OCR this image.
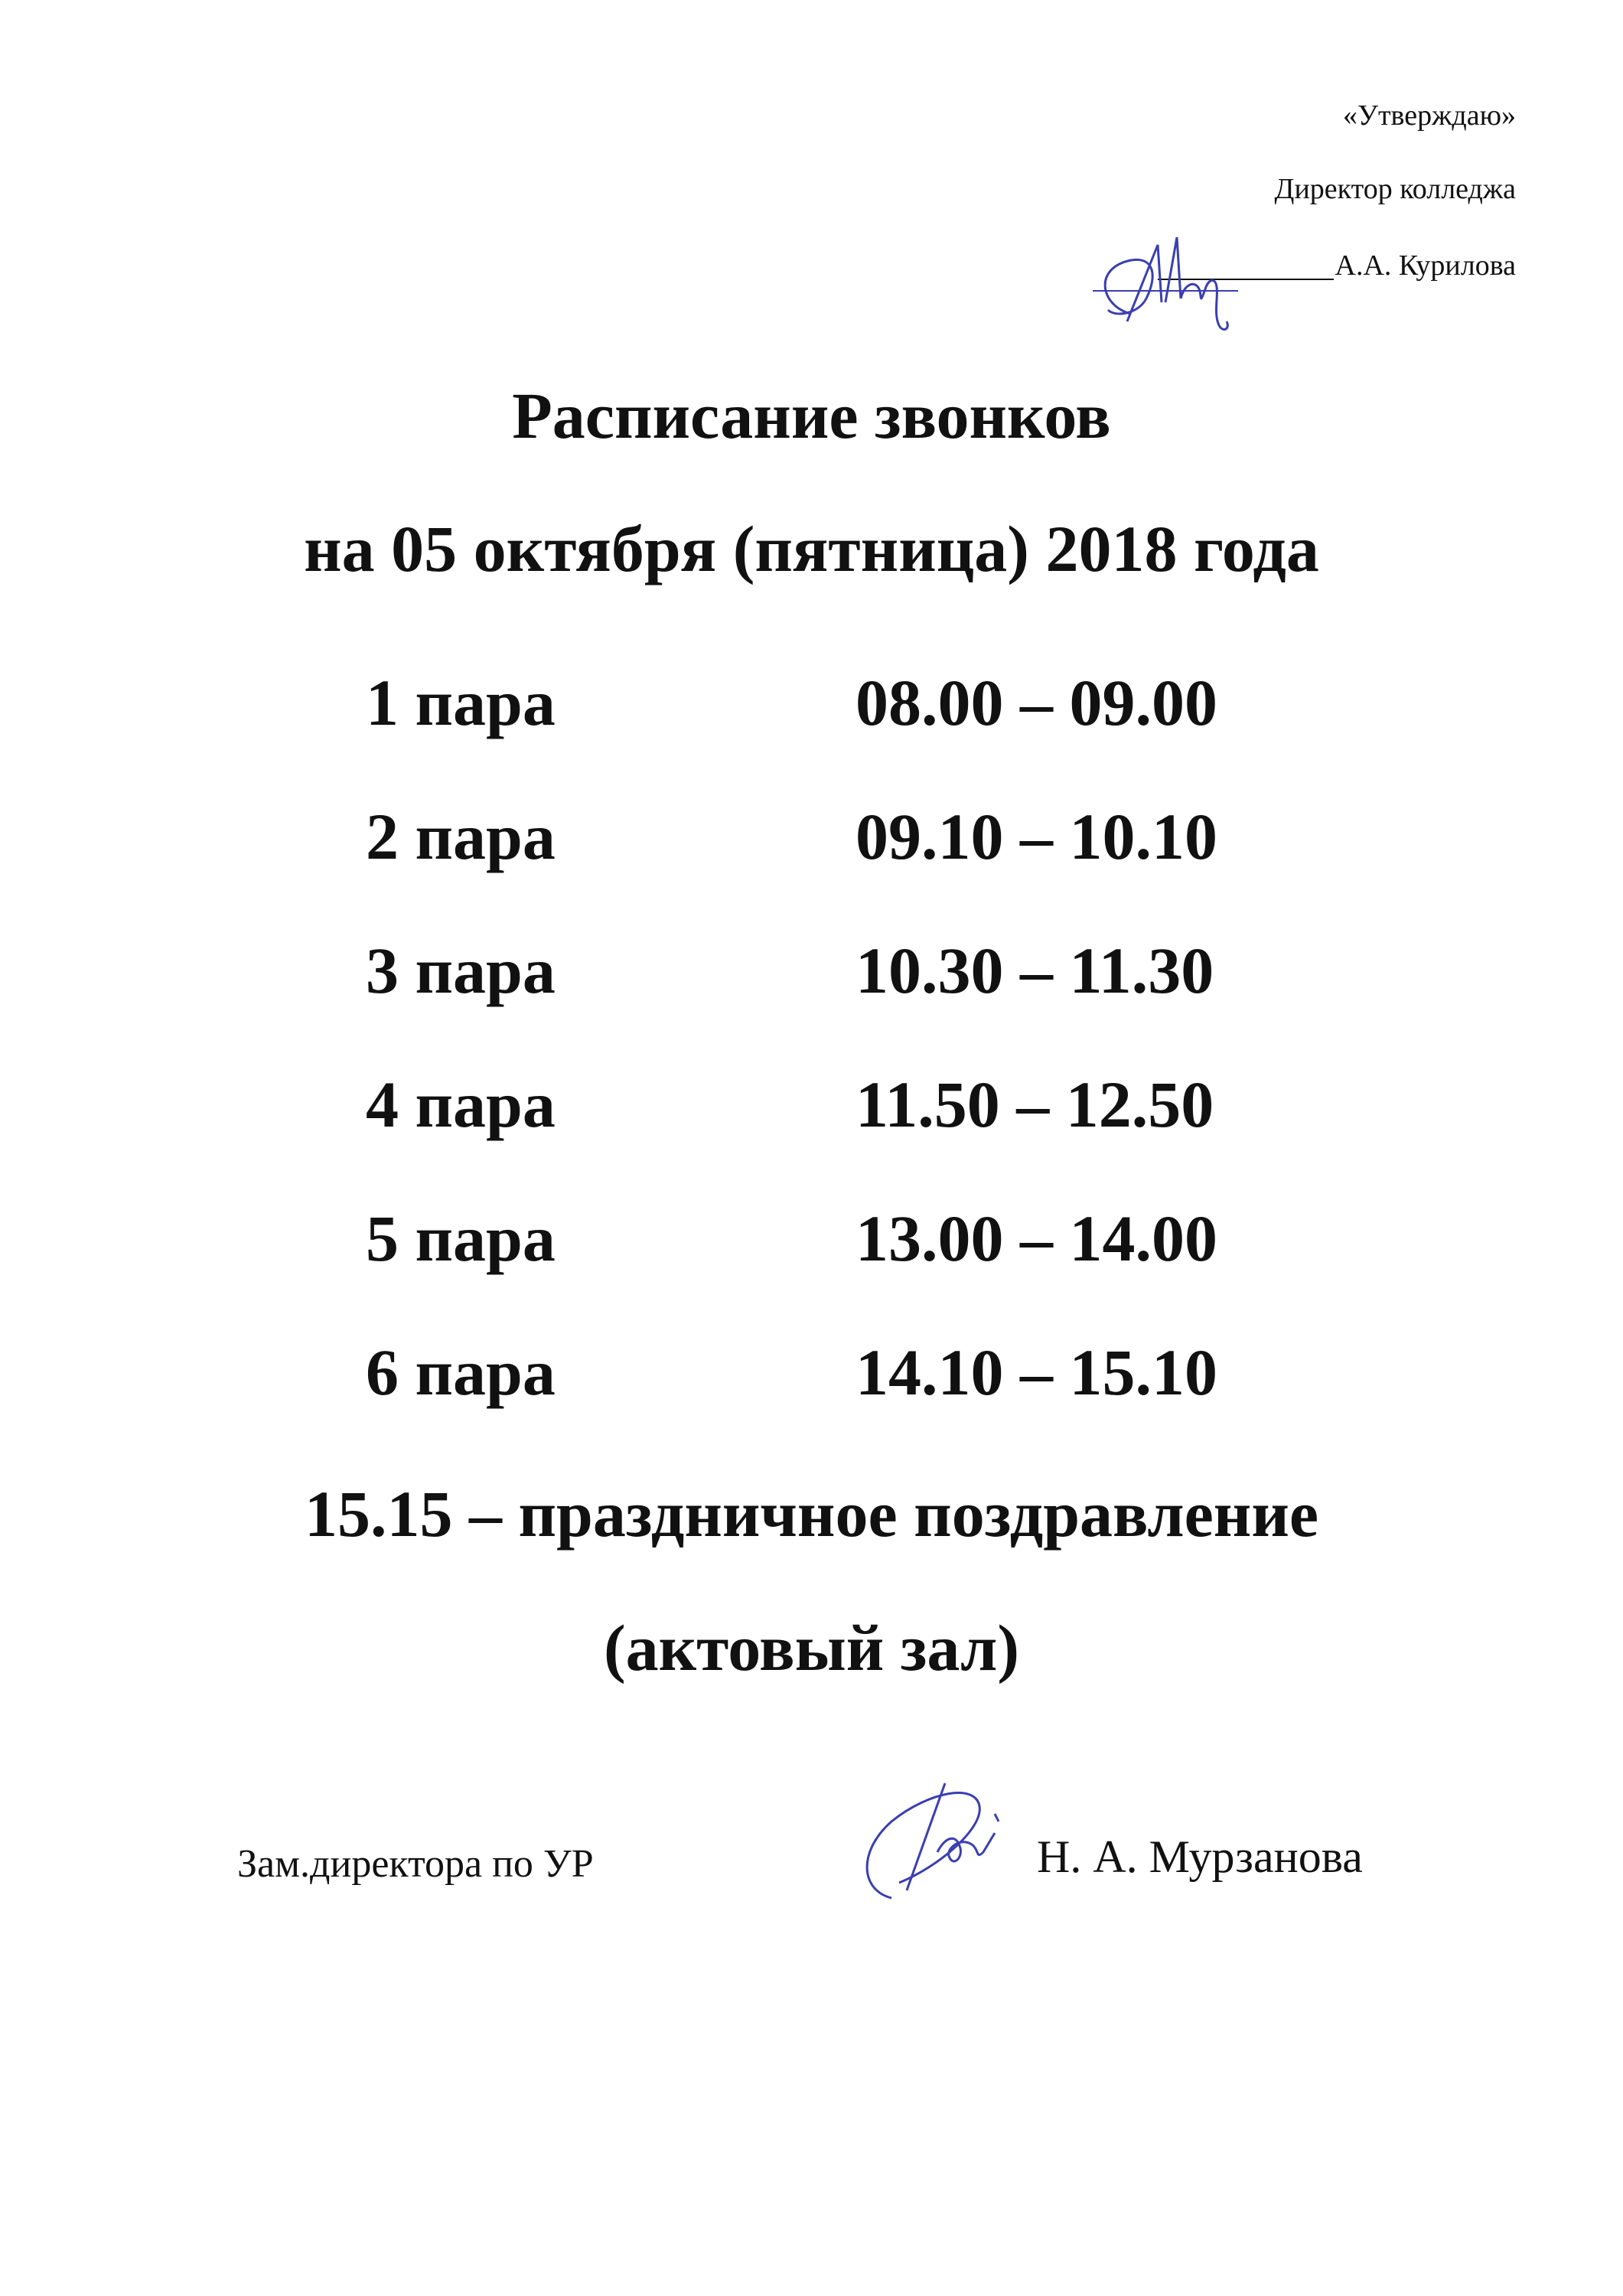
«Утверждаю»
Директор колледжа
А.А. Курилова
Расписание звонков
на 05 октября (пятница) 2018 года
1 пара	08.00 – 09.00
2 пара	09.10 – 10.10
3 пара	10.30 – 11.30
4 пара	11.50 – 12.50
5 пара	13.00 – 14.00
6 пара	14.10 – 15.10
15.15 – праздничное поздравление
(актовый зал)
Зам.директора по УР	Н. А. Мурзанова
